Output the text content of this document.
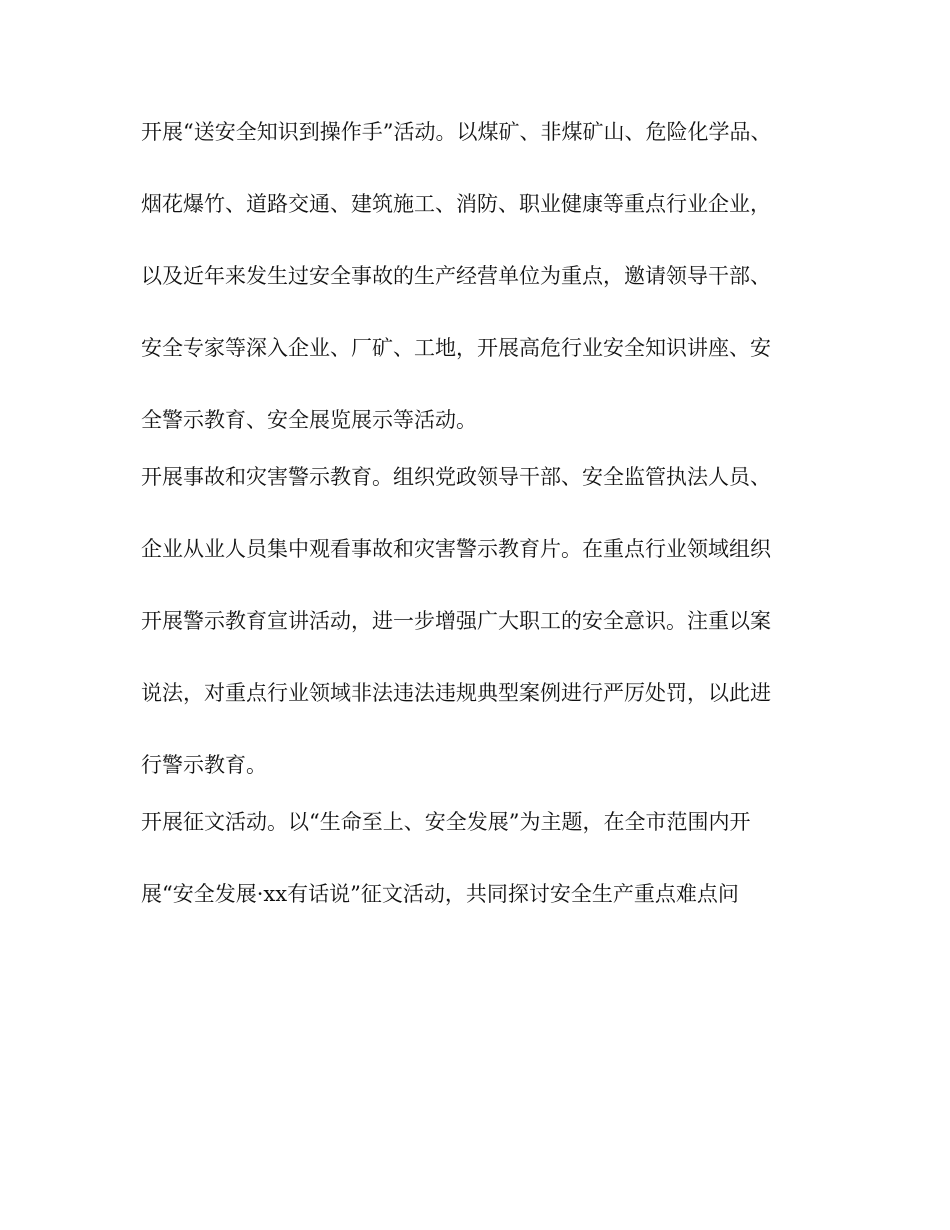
开展“送安全知识到操作手”活动。以煤矿、非煤矿山、危险化学品、

烟花爆竹、道路交通、建筑施工、消防、职业健康等重点行业企业，

以及近年来发生过安全事故的生产经营单位为重点，邀请领导干部、

安全专家等深入企业、厂矿、工地，开展高危行业安全知识讲座、安

全警示教育、安全展览展示等活动。

开展事故和灾害警示教育。组织党政领导干部、安全监管执法人员、

企业从业人员集中观看事故和灾害警示教育片。在重点行业领域组织

开展警示教育宣讲活动，进一步增强广大职工的安全意识。注重以案

说法，对重点行业领域非法违法违规典型案例进行严厉处罚，以此进

行警示教育。

开展征文活动。以“生命至上、安全发展”为主题，在全市范围内开

展“安全发展·xx有话说”征文活动，共同探讨安全生产重点难点问
